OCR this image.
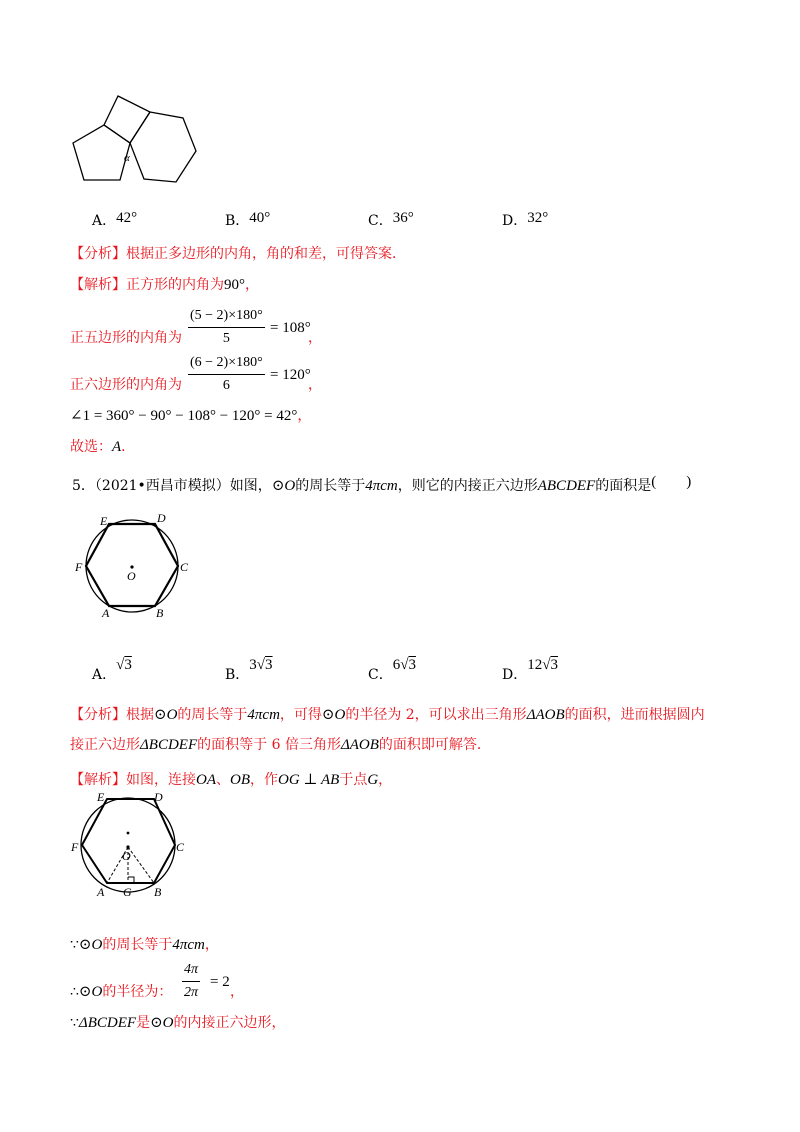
α
A．42°	B．40°	C．36°	D．32°
【分析】根据正多边形的内角，角的和差，可得答案．
【解析】正方形的内角为90°，
正五边形的内角为 $\frac{(5 - 2)\times 180^\circ}{5} = 108^\circ$
，
正六边形的内角为 $\frac{(6 - 2)\times 180^\circ}{6} = 120^\circ$
，
∠1 = 360° − 90° − 108° − 120° = 42°，
故选：A．
5．（2021•西昌市模拟）如图，⊙O的周长等于4πcm，则它的内接正六边形ABCDEF的面积是(　　)
E	D
F	C
O
A	B
A．√3
B．3√3
C．6√3
D．12√3
【分析】根据⊙O的周长等于4πcm，可得⊙O的半径为 2，可以求出三角形ΔAOB的面积，进而根据圆内
接正六边形ΔBCDEF的面积等于 6 倍三角形ΔAOB的面积即可解答．
【解析】如图，连接OA、OB，作OG ⊥ AB于点G，
E	D
F	C
O
A G B
∵⊙O的周长等于4πcm，
∴⊙O的半径为： $\frac{4\pi}{2\pi} = 2$
，
∵ΔBCDEF是⊙O的内接正六边形，
